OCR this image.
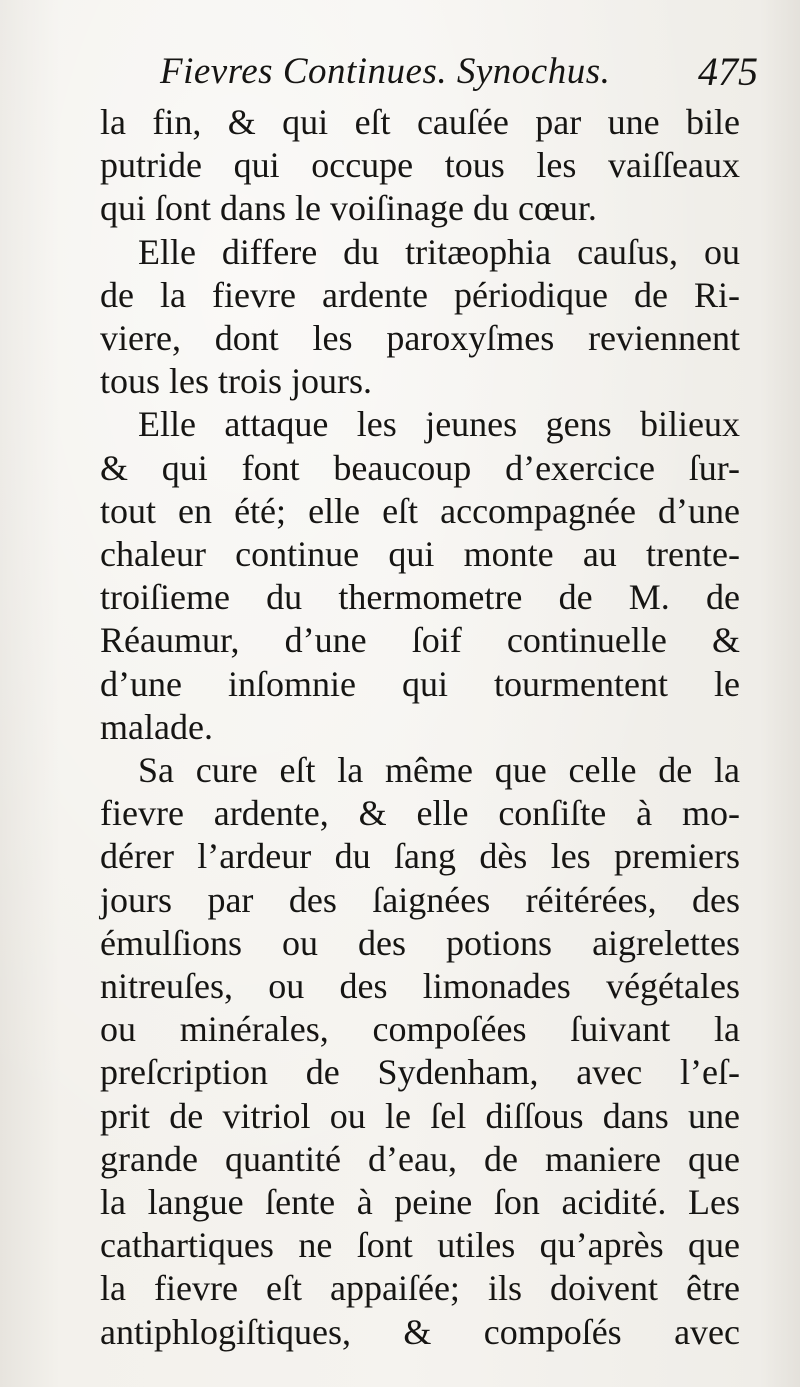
Fievres Continues. Synochus. 475

la fin, & qui eſt cauſée par une bile
putride qui occupe tous les vaiſſeaux
qui ſont dans le voiſinage du cœur.

Elle differe du tritæophia cauſus, ou
de la fievre ardente périodique de Ri-
viere, dont les paroxyſmes reviennent
tous les trois jours.

Elle attaque les jeunes gens bilieux
& qui font beaucoup d’exercice ſur-
tout en été; elle eſt accompagnée d’une
chaleur continue qui monte au trente-
troiſieme du thermometre de M. de
Réaumur, d’une ſoif continuelle &
d’une inſomnie qui tourmentent le
malade.

Sa cure eſt la même que celle de la
fievre ardente, & elle conſiſte à mo-
dérer l’ardeur du ſang dès les premiers
jours par des ſaignées réitérées, des
émulſions ou des potions aigrelettes
nitreuſes, ou des limonades végétales
ou minérales, compoſées ſuivant la
preſcription de Sydenham, avec l’eſ-
prit de vitriol ou le ſel diſſous dans une
grande quantité d’eau, de maniere que
la langue ſente à peine ſon acidité. Les
cathartiques ne ſont utiles qu’après que
la fievre eſt appaiſée; ils doivent être
antiphlogiſtiques, & compoſés avec
